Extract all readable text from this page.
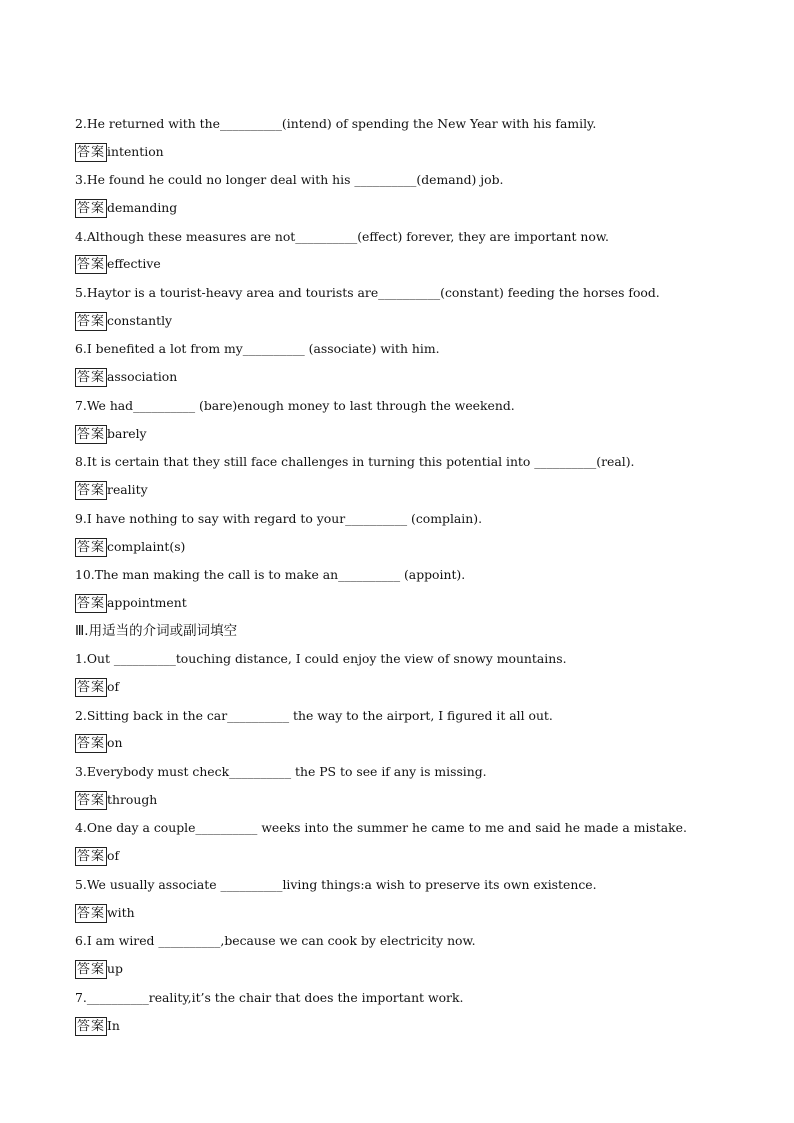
2.He returned with the__________(intend) of spending the New Year with his family.
答案 intention
3.He found he could no longer deal with his __________(demand) job.
答案 demanding
4.Although these measures are not__________(effect) forever, they are important now.
答案 effective
5.Haytor is a tourist-heavy area and tourists are__________(constant) feeding the horses food.
答案 constantly
6.I benefited a lot from my__________ (associate) with him.
答案 association
7.We had__________ (bare)enough money to last through the weekend.
答案 barely
8.It is certain that they still face challenges in turning this potential into __________(real).
答案 reality
9.I have nothing to say with regard to your__________ (complain).
答案 complaint(s)
10.The man making the call is to make an__________ (appoint).
答案 appointment
Ⅲ.用适当的介词或副词填空
1.Out __________touching distance, I could enjoy the view of snowy mountains.
答案 of
2.Sitting back in the car__________ the way to the airport, I figured it all out.
答案 on
3.Everybody must check__________ the PS to see if any is missing.
答案 through
4.One day a couple__________ weeks into the summer he came to me and said he made a mistake.
答案 of
5.We usually associate __________living things:a wish to preserve its own existence.
答案 with
6.I am wired __________,because we can cook by electricity now.
答案 up
7.__________reality,it’s the chair that does the important work.
答案 In
